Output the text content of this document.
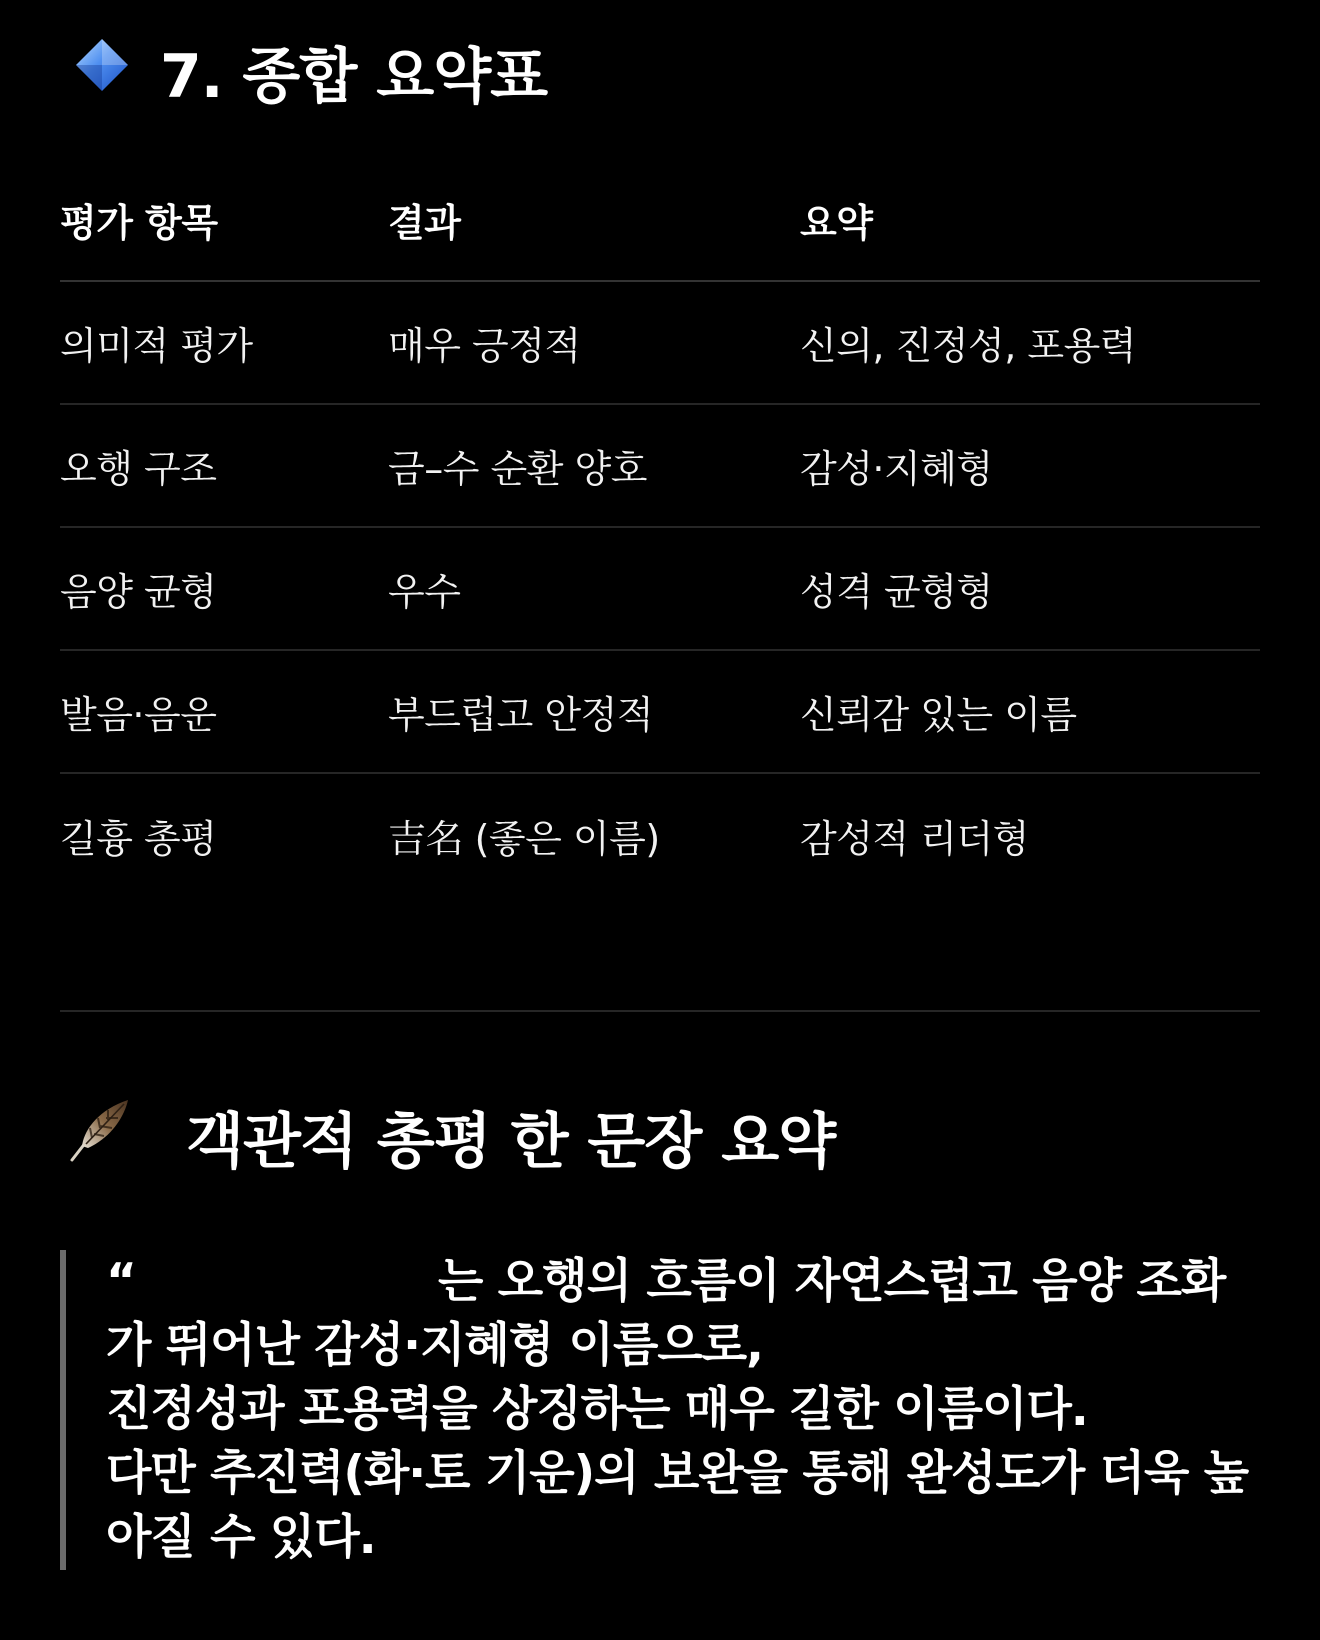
7. 종합 요약표
평가 항목	결과	요약
의미적 평가	매우 긍정적	신의, 진정성, 포용력
오행 구조	금–수 순환 양호	감성·지혜형
음양 균형	우수	성격 균형형
발음·음운	부드럽고 안정적	신뢰감 있는 이름
길흉 총평	吉名 (좋은 이름)	감성적 리더형
객관적 총평 한 문장 요약
“	는 오행의 흐름이 자연스럽고 음양 조화
가 뛰어난 감성·지혜형 이름으로,
진정성과 포용력을 상징하는 매우 길한 이름이다.
다만 추진력(화·토 기운)의 보완을 통해 완성도가 더욱 높
아질 수 있다.
